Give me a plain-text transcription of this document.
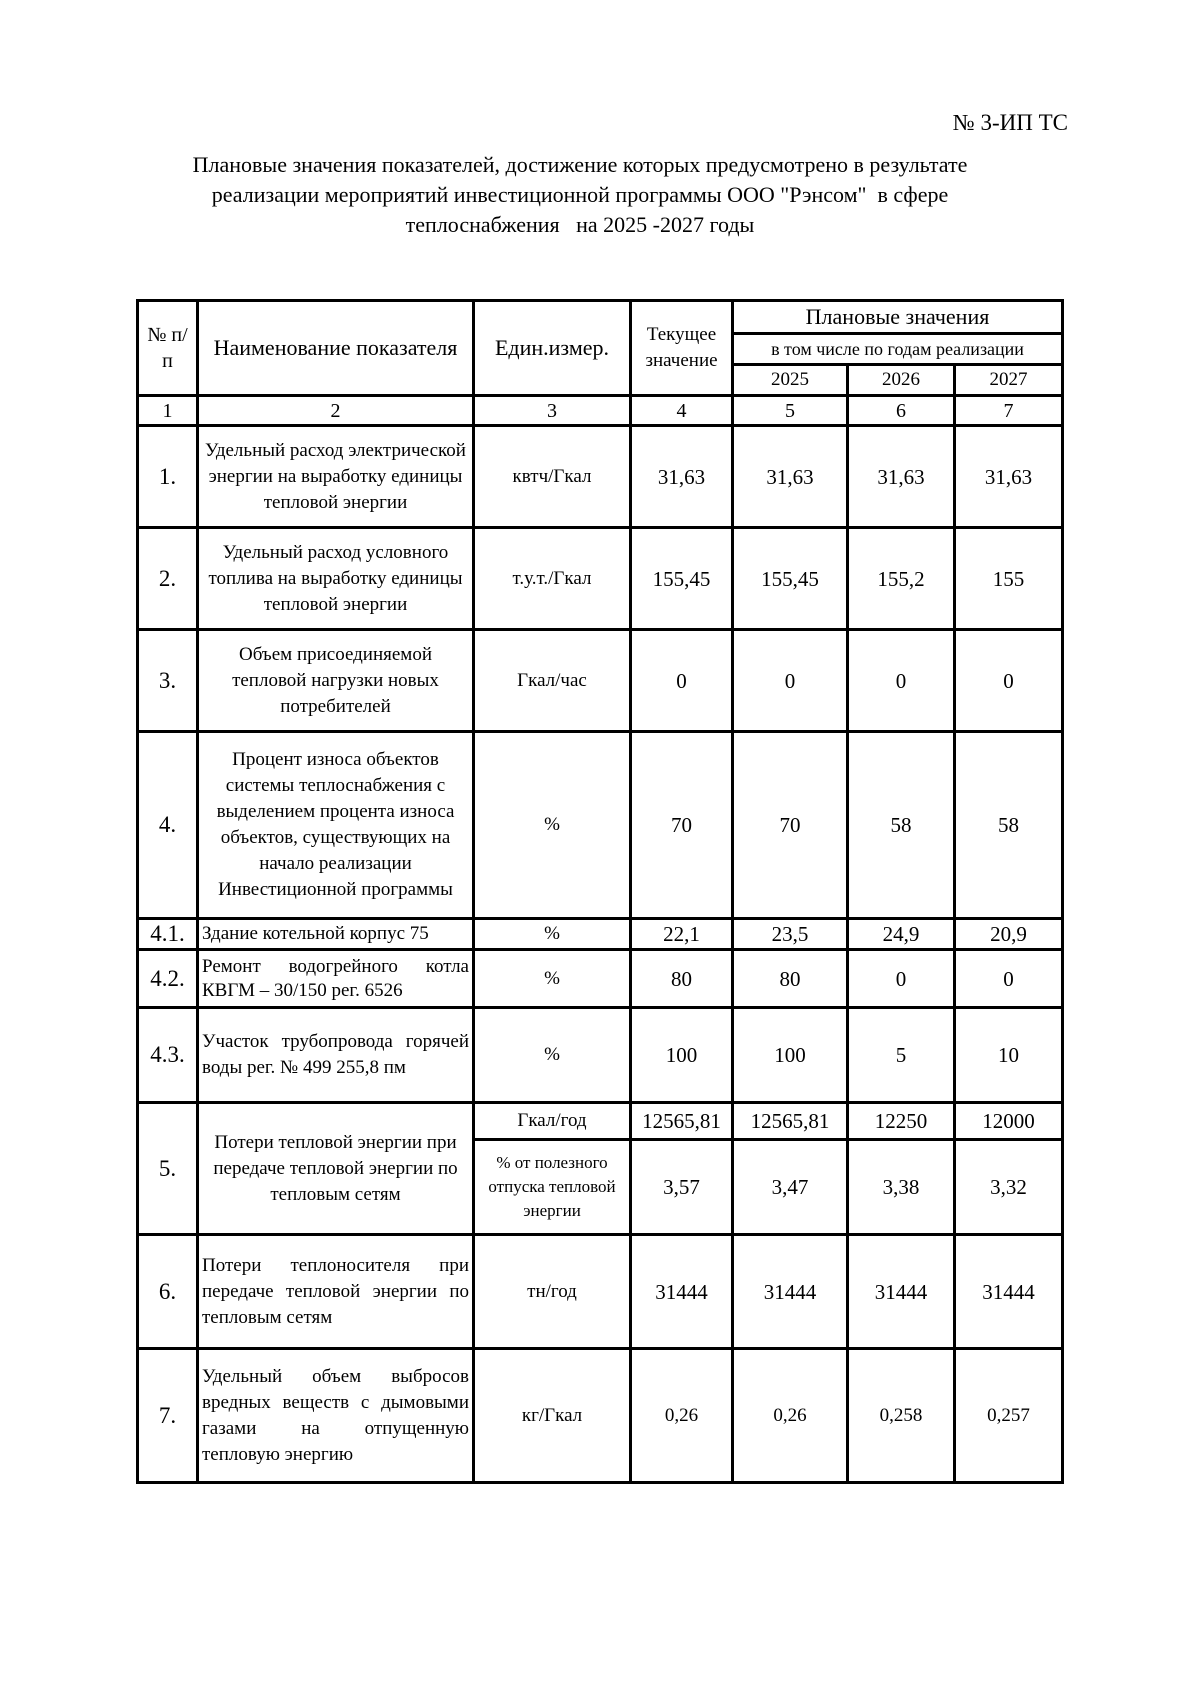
№ 3-ИП ТС
Плановые значения показателей, достижение которых предусмотрено в результате
реализации мероприятий инвестиционной программы ООО "Рэнсом"  в сфере
теплоснабжения   на 2025 -2027 годы
№ п/п	Наименование показателя	Един.измер.	Текущее значение	Плановые значения		
				в том числе по годам реализации		
				2025	2026	2027
1	2	3	4	5	6	7
1.	Удельный расход электрической энергии на выработку единицы тепловой энергии	квтч/Гкал	31,63	31,63	31,63	31,63
2.	Удельный расход условного топлива на выработку единицы тепловой энергии	т.у.т./Гкал	155,45	155,45	155,2	155
3.	Объем присоединяемой тепловой нагрузки новых потребителей	Гкал/час	0	0	0	0
4.	Процент износа объектов системы теплоснабжения с выделением процента износа объектов, существующих на начало реализации Инвестиционной программы	%	70	70	58	58
4.1.	Здание котельной корпус 75	%	22,1	23,5	24,9	20,9
4.2.	Ремонт водогрейного котла КВГМ – 30/150 рег. 6526	%	80	80	0	0
4.3.	Участок трубопровода горячей воды рег. № 499 255,8 пм	%	100	100	5	10
5.	Потери тепловой энергии при передаче тепловой энергии по тепловым сетям	Гкал/год	12565,81	12565,81	12250	12000
		% от полезного отпуска тепловой энергии	3,57	3,47	3,38	3,32
6.	Потери теплоносителя при передаче тепловой энергии по тепловым сетям	тн/год	31444	31444	31444	31444
7.	Удельный объем выбросов вредных веществ с дымовыми газами на отпущенную тепловую энергию	кг/Гкал	0,26	0,26	0,258	0,257
